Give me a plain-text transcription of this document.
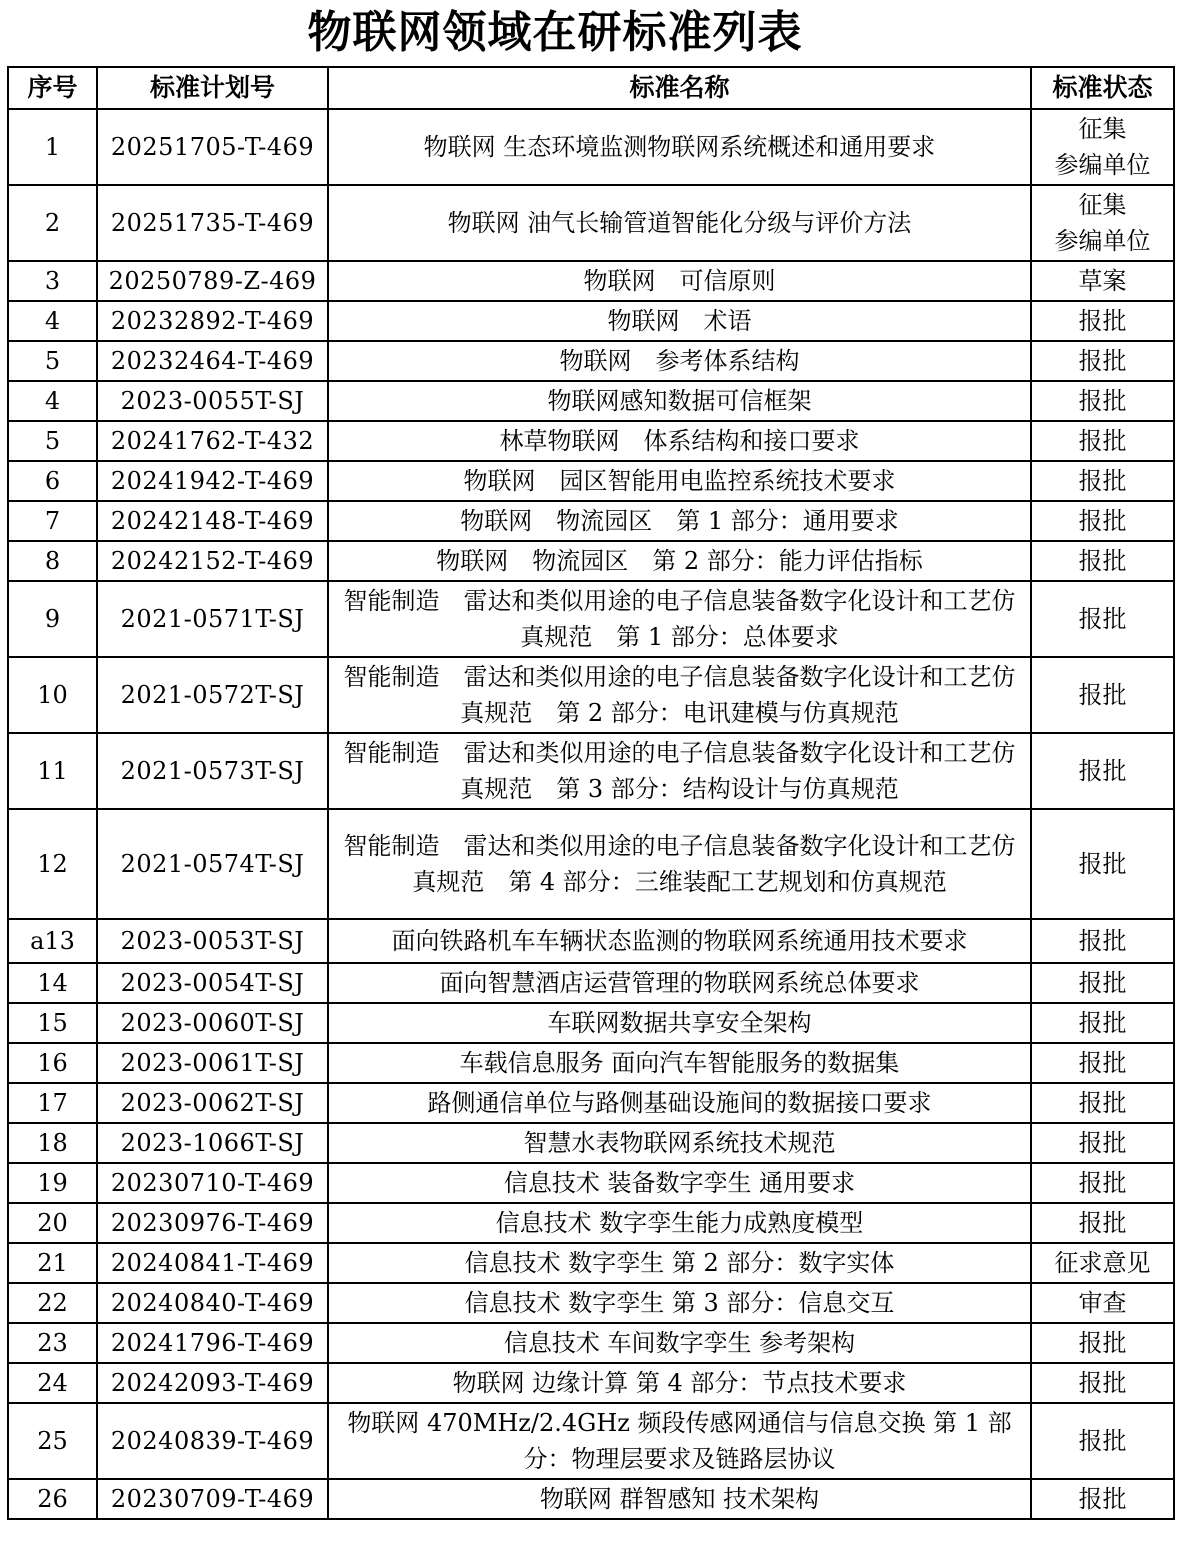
物联网领域在研标准列表
序号	标准计划号	标准名称	标准状态
1	20251705-T-469	物联网 生态环境监测物联网系统概述和通用要求	征集
参编单位
2	20251735-T-469	物联网 油气长输管道智能化分级与评价方法	征集
参编单位
3	20250789-Z-469	物联网　可信原则	草案
4	20232892-T-469	物联网　术语	报批
5	20232464-T-469	物联网　参考体系结构	报批
4	2023-0055T-SJ	物联网感知数据可信框架	报批
5	20241762-T-432	林草物联网　体系结构和接口要求	报批
6	20241942-T-469	物联网　园区智能用电监控系统技术要求	报批
7	20242148-T-469	物联网　物流园区　第 1 部分：通用要求	报批
8	20242152-T-469	物联网　物流园区　第 2 部分：能力评估指标	报批
9	2021-0571T-SJ	智能制造　雷达和类似用途的电子信息装备数字化设计和工艺仿真规范　第 1 部分：总体要求	报批
10	2021-0572T-SJ	智能制造　雷达和类似用途的电子信息装备数字化设计和工艺仿真规范　第 2 部分：电讯建模与仿真规范	报批
11	2021-0573T-SJ	智能制造　雷达和类似用途的电子信息装备数字化设计和工艺仿真规范　第 3 部分：结构设计与仿真规范	报批
12	2021-0574T-SJ	智能制造　雷达和类似用途的电子信息装备数字化设计和工艺仿真规范　第 4 部分：三维装配工艺规划和仿真规范	报批
a13	2023-0053T-SJ	面向铁路机车车辆状态监测的物联网系统通用技术要求	报批
14	2023-0054T-SJ	面向智慧酒店运营管理的物联网系统总体要求	报批
15	2023-0060T-SJ	车联网数据共享安全架构	报批
16	2023-0061T-SJ	车载信息服务 面向汽车智能服务的数据集	报批
17	2023-0062T-SJ	路侧通信单位与路侧基础设施间的数据接口要求	报批
18	2023-1066T-SJ	智慧水表物联网系统技术规范	报批
19	20230710-T-469	信息技术 装备数字孪生 通用要求	报批
20	20230976-T-469	信息技术 数字孪生能力成熟度模型	报批
21	20240841-T-469	信息技术 数字孪生 第 2 部分：数字实体	征求意见
22	20240840-T-469	信息技术 数字孪生 第 3 部分：信息交互	审查
23	20241796-T-469	信息技术 车间数字孪生 参考架构	报批
24	20242093-T-469	物联网 边缘计算 第 4 部分：节点技术要求	报批
25	20240839-T-469	物联网 470MHz/2.4GHz 频段传感网通信与信息交换 第 1 部分：物理层要求及链路层协议	报批
26	20230709-T-469	物联网 群智感知 技术架构	报批
